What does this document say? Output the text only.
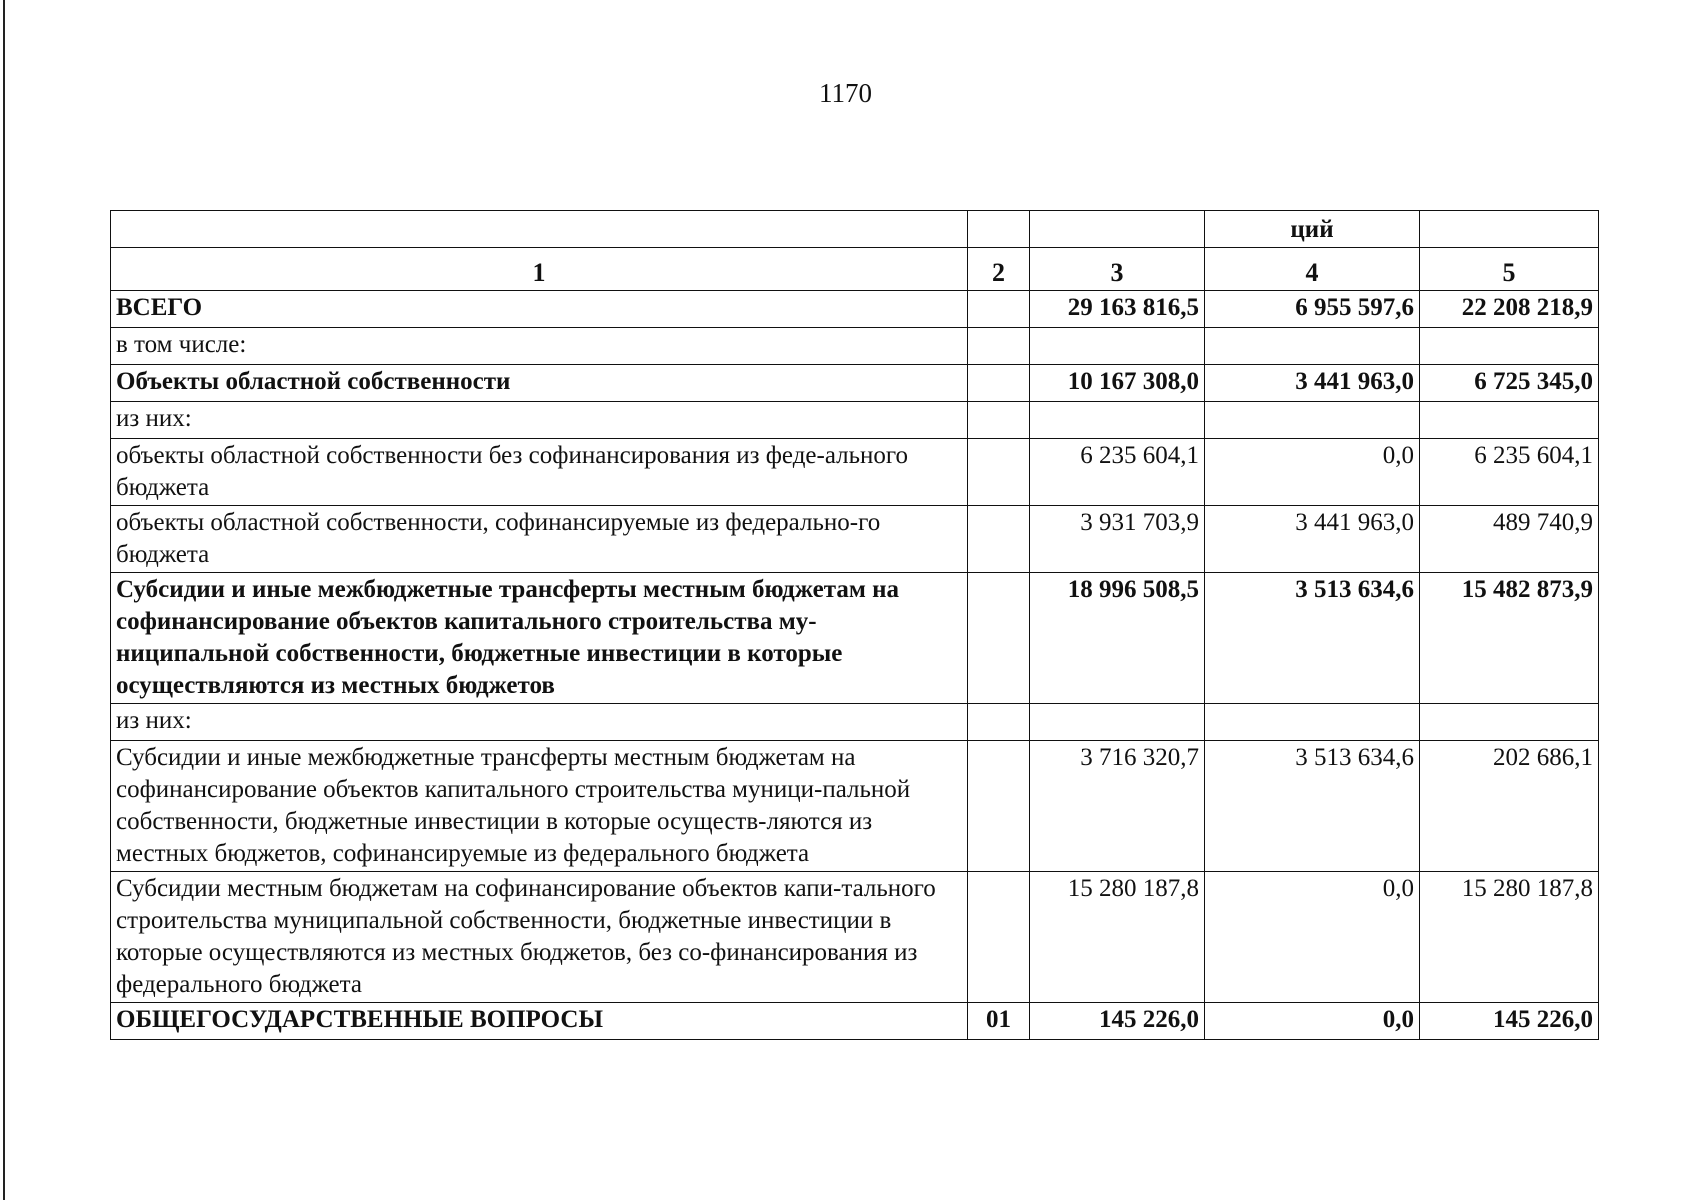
1170
			ций	
1	2	3	4	5
ВСЕГО		29 163 816,5	6 955 597,6	22 208 218,9
в том числе:				
Объекты областной собственности		10 167 308,0	3 441 963,0	6 725 345,0
из них:				
объекты областной собственности без софинансирования из феде-ального бюджета		6 235 604,1	0,0	6 235 604,1
объекты областной собственности, софинансируемые из федерально-го бюджета		3 931 703,9	3 441 963,0	489 740,9
Субсидии и иные межбюджетные трансферты местным бюджетам на софинансирование объектов капитального строительства му-ниципальной собственности, бюджетные инвестиции в которые осуществляются из местных бюджетов		18 996 508,5	3 513 634,6	15 482 873,9
из них:				
Субсидии и иные межбюджетные трансферты местным бюджетам на софинансирование объектов капитального строительства муници-пальной собственности, бюджетные инвестиции в которые осуществ-ляются из местных бюджетов, софинансируемые из федерального бюджета		3 716 320,7	3 513 634,6	202 686,1
Субсидии местным бюджетам на софинансирование объектов капи-тального строительства муниципальной собственности, бюджетные инвестиции в которые осуществляются из местных бюджетов, без со-финансирования из федерального бюджета		15 280 187,8	0,0	15 280 187,8
ОБЩЕГОСУДАРСТВЕННЫЕ ВОПРОСЫ	01	145 226,0	0,0	145 226,0
